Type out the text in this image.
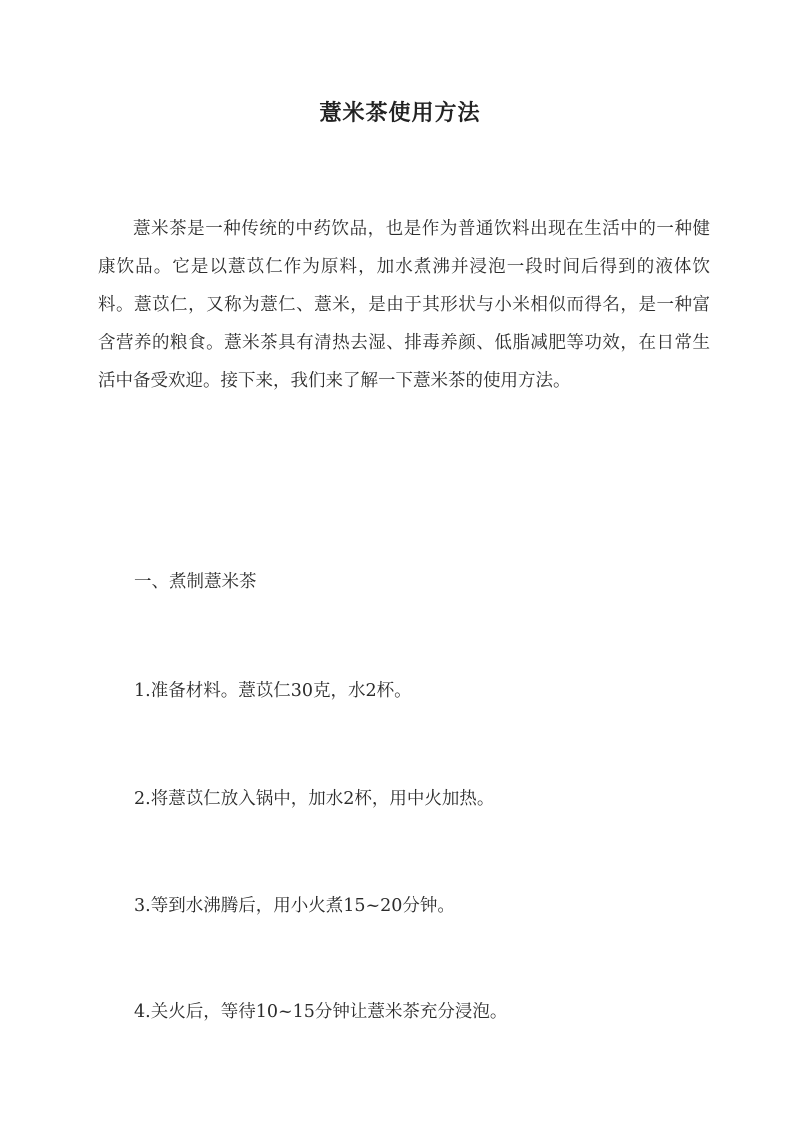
薏米茶使用方法

薏米茶是一种传统的中药饮品，也是作为普通饮料出现在生活中的一种健康饮品。它是以薏苡仁作为原料，加水煮沸并浸泡一段时间后得到的液体饮料。薏苡仁，又称为薏仁、薏米，是由于其形状与小米相似而得名，是一种富含营养的粮食。薏米茶具有清热去湿、排毒养颜、低脂减肥等功效，在日常生活中备受欢迎。接下来，我们来了解一下薏米茶的使用方法。

一、煮制薏米茶

1.准备材料。薏苡仁30克，水2杯。

2.将薏苡仁放入锅中，加水2杯，用中火加热。

3.等到水沸腾后，用小火煮15~20分钟。

4.关火后，等待10~15分钟让薏米茶充分浸泡。
